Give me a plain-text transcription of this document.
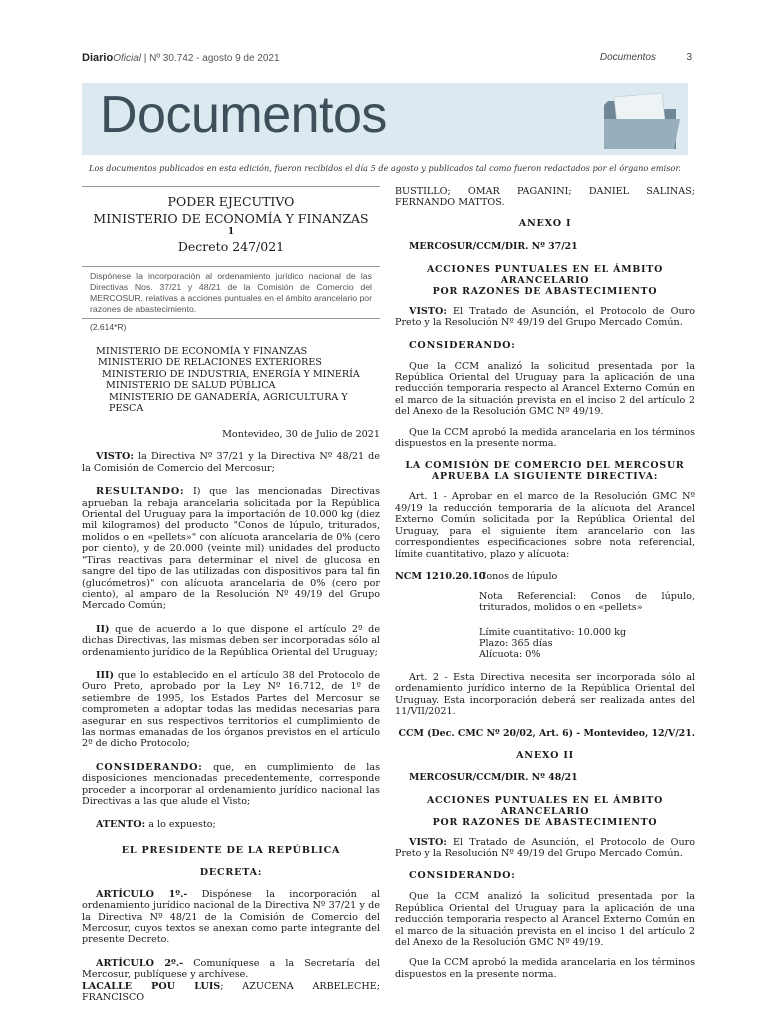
DiarioOficial | Nº 30.742 - agosto 9 de 2021	Documentos	3
Documentos
Los documentos publicados en esta edición, fueron recibidos el día 5 de agosto y publicados tal como fueron redactados por el órgano emisor.
PODER EJECUTIVO
MINISTERIO DE ECONOMÍA Y FINANZAS
1
Decreto 247/021

Dispónese la incorporación al ordenamiento jurídico nacional de las Directivas Nos. 37/21 y 48/21 de la Comisión de Comercio del MERCOSUR, relativas a acciones puntuales en el ámbito arancelario por razones de abastecimiento.

(2.614*R)
MINISTERIO DE ECONOMÍA Y FINANZAS
MINISTERIO DE RELACIONES EXTERIORES
MINISTERIO DE INDUSTRIA, ENERGÍA Y MINERÍA
MINISTERIO DE SALUD PÚBLICA
MINISTERIO DE GANADERÍA, AGRICULTURA Y PESCA
Montevideo, 30 de Julio de 2021

VISTO: la Directiva Nº 37/21 y la Directiva Nº 48/21 de la Comisión de Comercio del Mercosur;

RESULTANDO: I) que las mencionadas Directivas aprueban la rebaja arancelaria solicitada por la República Oriental del Uruguay para la importación de 10.000 kg (diez mil kilogramos) del producto "Conos de lúpulo, triturados, molidos o en «pellets»" con alícuota arancelaria de 0% (cero por ciento), y de 20.000 (veinte mil) unidades del producto "Tiras reactivas para determinar el nivel de glucosa en sangre del tipo de las utilizadas con dispositivos para tal fin (glucómetros)" con alícuota arancelaria de 0% (cero por ciento), al amparo de la Resolución Nº 49/19 del Grupo Mercado Común;

II) que de acuerdo a lo que dispone el artículo 2º de dichas Directivas, las mismas deben ser incorporadas sólo al ordenamiento jurídico de la República Oriental del Uruguay;

III) que lo establecido en el artículo 38 del Protocolo de Ouro Preto, aprobado por la Ley Nº 16.712, de 1º de setiembre de 1995, los Estados Partes del Mercosur se comprometen a adoptar todas las medidas necesarias para asegurar en sus respectivos territorios el cumplimiento de las normas emanadas de los órganos previstos en el artículo 2º de dicho Protocolo;

CONSIDERANDO: que, en cumplimiento de las disposiciones mencionadas precedentemente, corresponde proceder a incorporar al ordenamiento jurídico nacional las Directivas a las que alude el Visto;

ATENTO: a lo expuesto;

EL PRESIDENTE DE LA REPÚBLICA
DECRETA:

ARTÍCULO 1º.- Dispónese la incorporación al ordenamiento jurídico nacional de la Directiva Nº 37/21 y de la Directiva Nº 48/21 de la Comisión de Comercio del Mercosur, cuyos textos se anexan como parte integrante del presente Decreto.

ARTÍCULO 2º.- Comuníquese a la Secretaría del Mercosur, publíquese y archívese.

LACALLE POU LUIS; AZUCENA ARBELECHE; FRANCISCO

BUSTILLO; OMAR PAGANINI; DANIEL SALINAS; FERNANDO MATTOS.

ANEXO I
MERCOSUR/CCM/DIR. Nº 37/21
ACCIONES PUNTUALES EN EL ÁMBITO ARANCELARIO
POR RAZONES DE ABASTECIMIENTO

VISTO: El Tratado de Asunción, el Protocolo de Ouro Preto y la Resolución Nº 49/19 del Grupo Mercado Común.

CONSIDERANDO:

Que la CCM analizó la solicitud presentada por la República Oriental del Uruguay para la aplicación de una reducción temporaria respecto al Arancel Externo Común en el marco de la situación prevista en el inciso 2 del artículo 2 del Anexo de la Resolución GMC Nº 49/19.

Que la CCM aprobó la medida arancelaria en los términos dispuestos en la presente norma.

LA COMISIÓN DE COMERCIO DEL MERCOSUR
APRUEBA LA SIGUIENTE DIRECTIVA:

Art. 1 - Aprobar en el marco de la Resolución GMC Nº 49/19 la reducción temporaria de la alícuota del Arancel Externo Común solicitada por la República Oriental del Uruguay, para el siguiente ítem arancelario con las correspondientes especificaciones sobre nota referencial, límite cuantitativo, plazo y alícuota:

NCM 1210.20.10
Conos de lúpulo
Nota Referencial: Conos de lúpulo, triturados, molidos o en «pellets»
Límite cuantitativo: 10.000 kg
Plazo: 365 días
Alícuota: 0%

Art. 2 - Esta Directiva necesita ser incorporada sólo al ordenamiento jurídico interno de la República Oriental del Uruguay. Esta incorporación deberá ser realizada antes del 11/VII/2021.

CCM (Dec. CMC Nº 20/02, Art. 6) - Montevideo, 12/V/21.
ANEXO II
MERCOSUR/CCM/DIR. Nº 48/21
ACCIONES PUNTUALES EN EL ÁMBITO ARANCELARIO
POR RAZONES DE ABASTECIMIENTO

VISTO: El Tratado de Asunción, el Protocolo de Ouro Preto y la Resolución Nº 49/19 del Grupo Mercado Común.

CONSIDERANDO:

Que la CCM analizó la solicitud presentada por la República Oriental del Uruguay para la aplicación de una reducción temporaria respecto al Arancel Externo Común en el marco de la situación prevista en el inciso 1 del artículo 2 del Anexo de la Resolución GMC Nº 49/19.

Que la CCM aprobó la medida arancelaria en los términos dispuestos en la presente norma.
